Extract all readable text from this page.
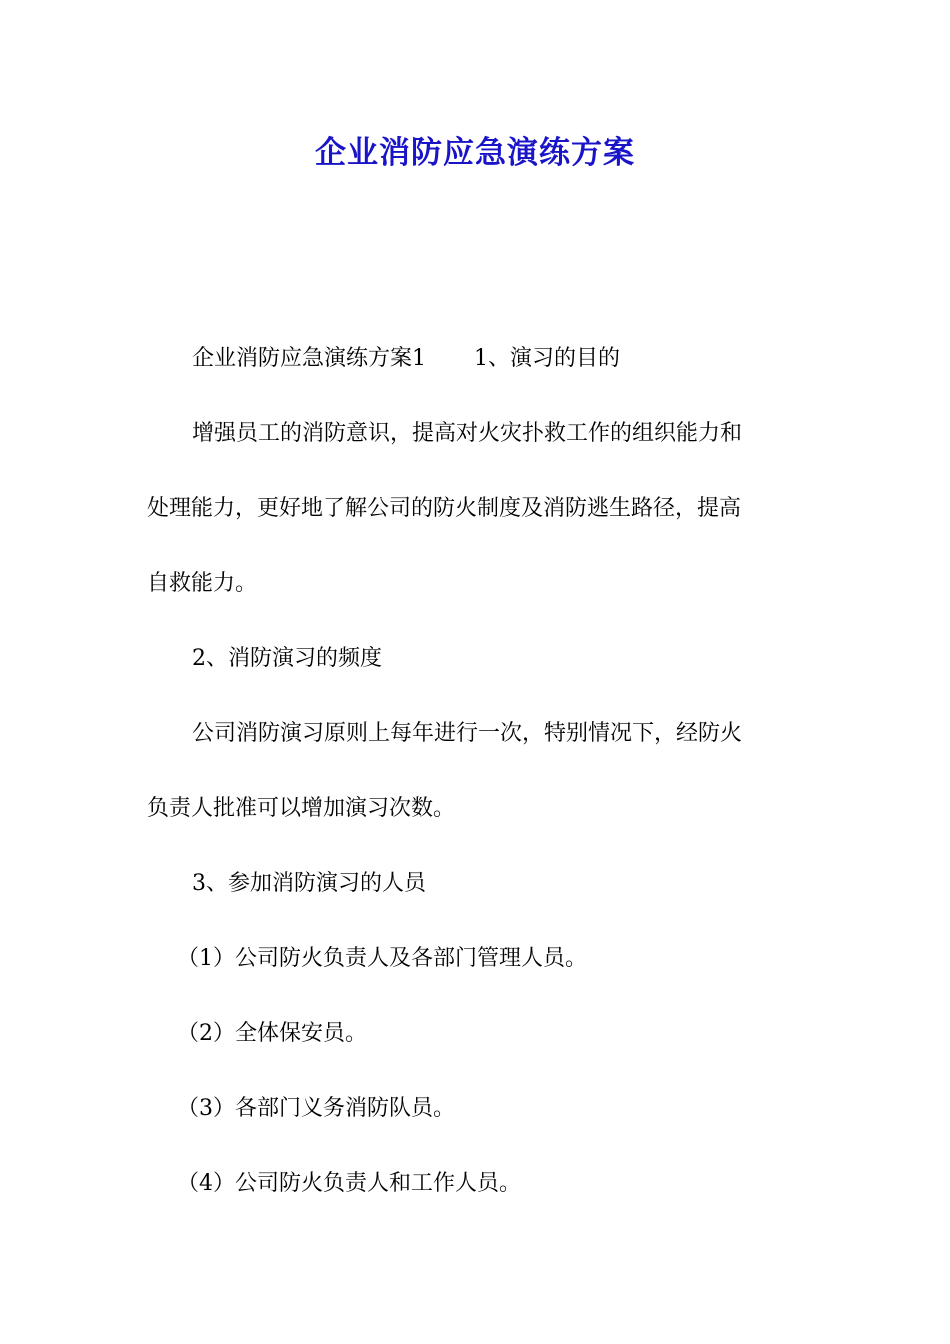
企业消防应急演练方案
企业消防应急演练方案1 1、演习的目的
增强员工的消防意识，提高对火灾扑救工作的组织能力和
处理能力，更好地了解公司的防火制度及消防逃生路径，提高
自救能力。
2、消防演习的频度
公司消防演习原则上每年进行一次，特别情况下，经防火
负责人批准可以增加演习次数。
3、参加消防演习的人员
（1）公司防火负责人及各部门管理人员。
（2）全体保安员。
（3）各部门义务消防队员。
（4）公司防火负责人和工作人员。
